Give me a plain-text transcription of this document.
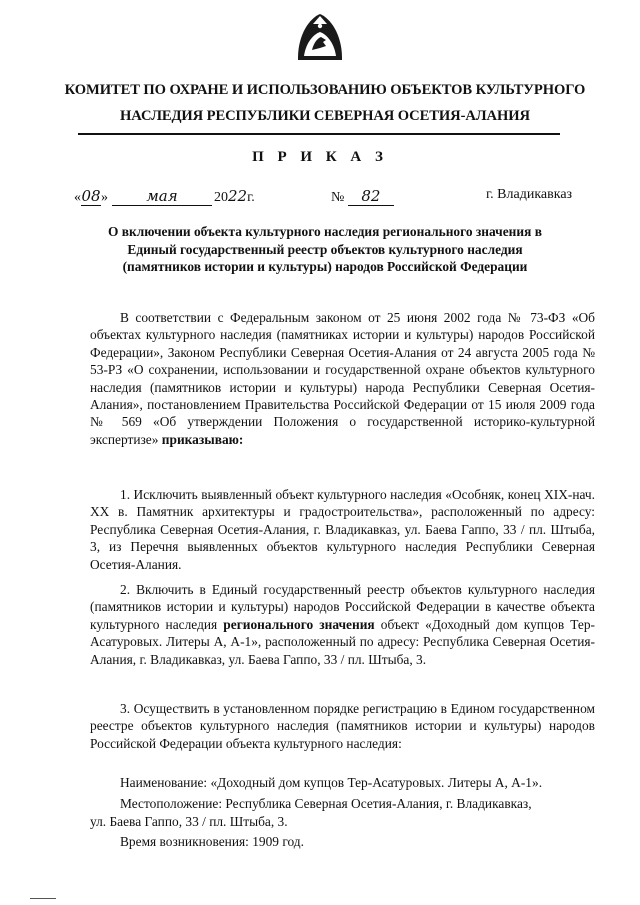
КОМИТЕТ ПО ОХРАНЕ И ИСПОЛЬЗОВАНИЮ ОБЪЕКТОВ КУЛЬТУРНОГО
НАСЛЕДИЯ РЕСПУБЛИКИ СЕВЕРНАЯ ОСЕТИЯ-АЛАНИЯ
П Р И К А З
«08»	мая	2022г.	№ 82	г. Владикавказ
О включении объекта культурного наследия регионального значения в Единый государственный реестр объектов культурного наследия (памятников истории и культуры) народов Российской Федерации
В соответствии с Федеральным законом от 25 июня 2002 года № 73-ФЗ «Об объектах культурного наследия (памятниках истории и культуры) народов Российской Федерации», Законом Республики Северная Осетия-Алания от 24 августа 2005 года № 53-РЗ «О сохранении, использовании и государственной охране объектов культурного наследия (памятников истории и культуры) народа Республики Северная Осетия-Алания», постановлением Правительства Российской Федерации от 15 июля 2009 года № 569 «Об утверждении Положения о государственной историко-культурной экспертизе» приказываю:
1. Исключить выявленный объект культурного наследия «Особняк, конец XIX-нач. XX в. Памятник архитектуры и градостроительства», расположенный по адресу: Республика Северная Осетия-Алания, г. Владикавказ, ул. Баева Гаппо, 33 / пл. Штыба, 3, из Перечня выявленных объектов культурного наследия Республики Северная Осетия-Алания.
2. Включить в Единый государственный реестр объектов культурного наследия (памятников истории и культуры) народов Российской Федерации в качестве объекта культурного наследия регионального значения объект «Доходный дом купцов Тер-Асатуровых. Литеры А, А-1», расположенный по адресу: Республика Северная Осетия-Алания, г. Владикавказ, ул. Баева Гаппо, 33 / пл. Штыба, 3.
3. Осуществить в установленном порядке регистрацию в Едином государственном реестре объектов культурного наследия (памятников истории и культуры) народов Российской Федерации объекта культурного наследия:
Наименование: «Доходный дом купцов Тер-Асатуровых. Литеры А, А-1».
Местоположение: Республика Северная Осетия-Алания, г. Владикавказ,
ул. Баева Гаппо, 33 / пл. Штыба, 3.
Время возникновения: 1909 год.
